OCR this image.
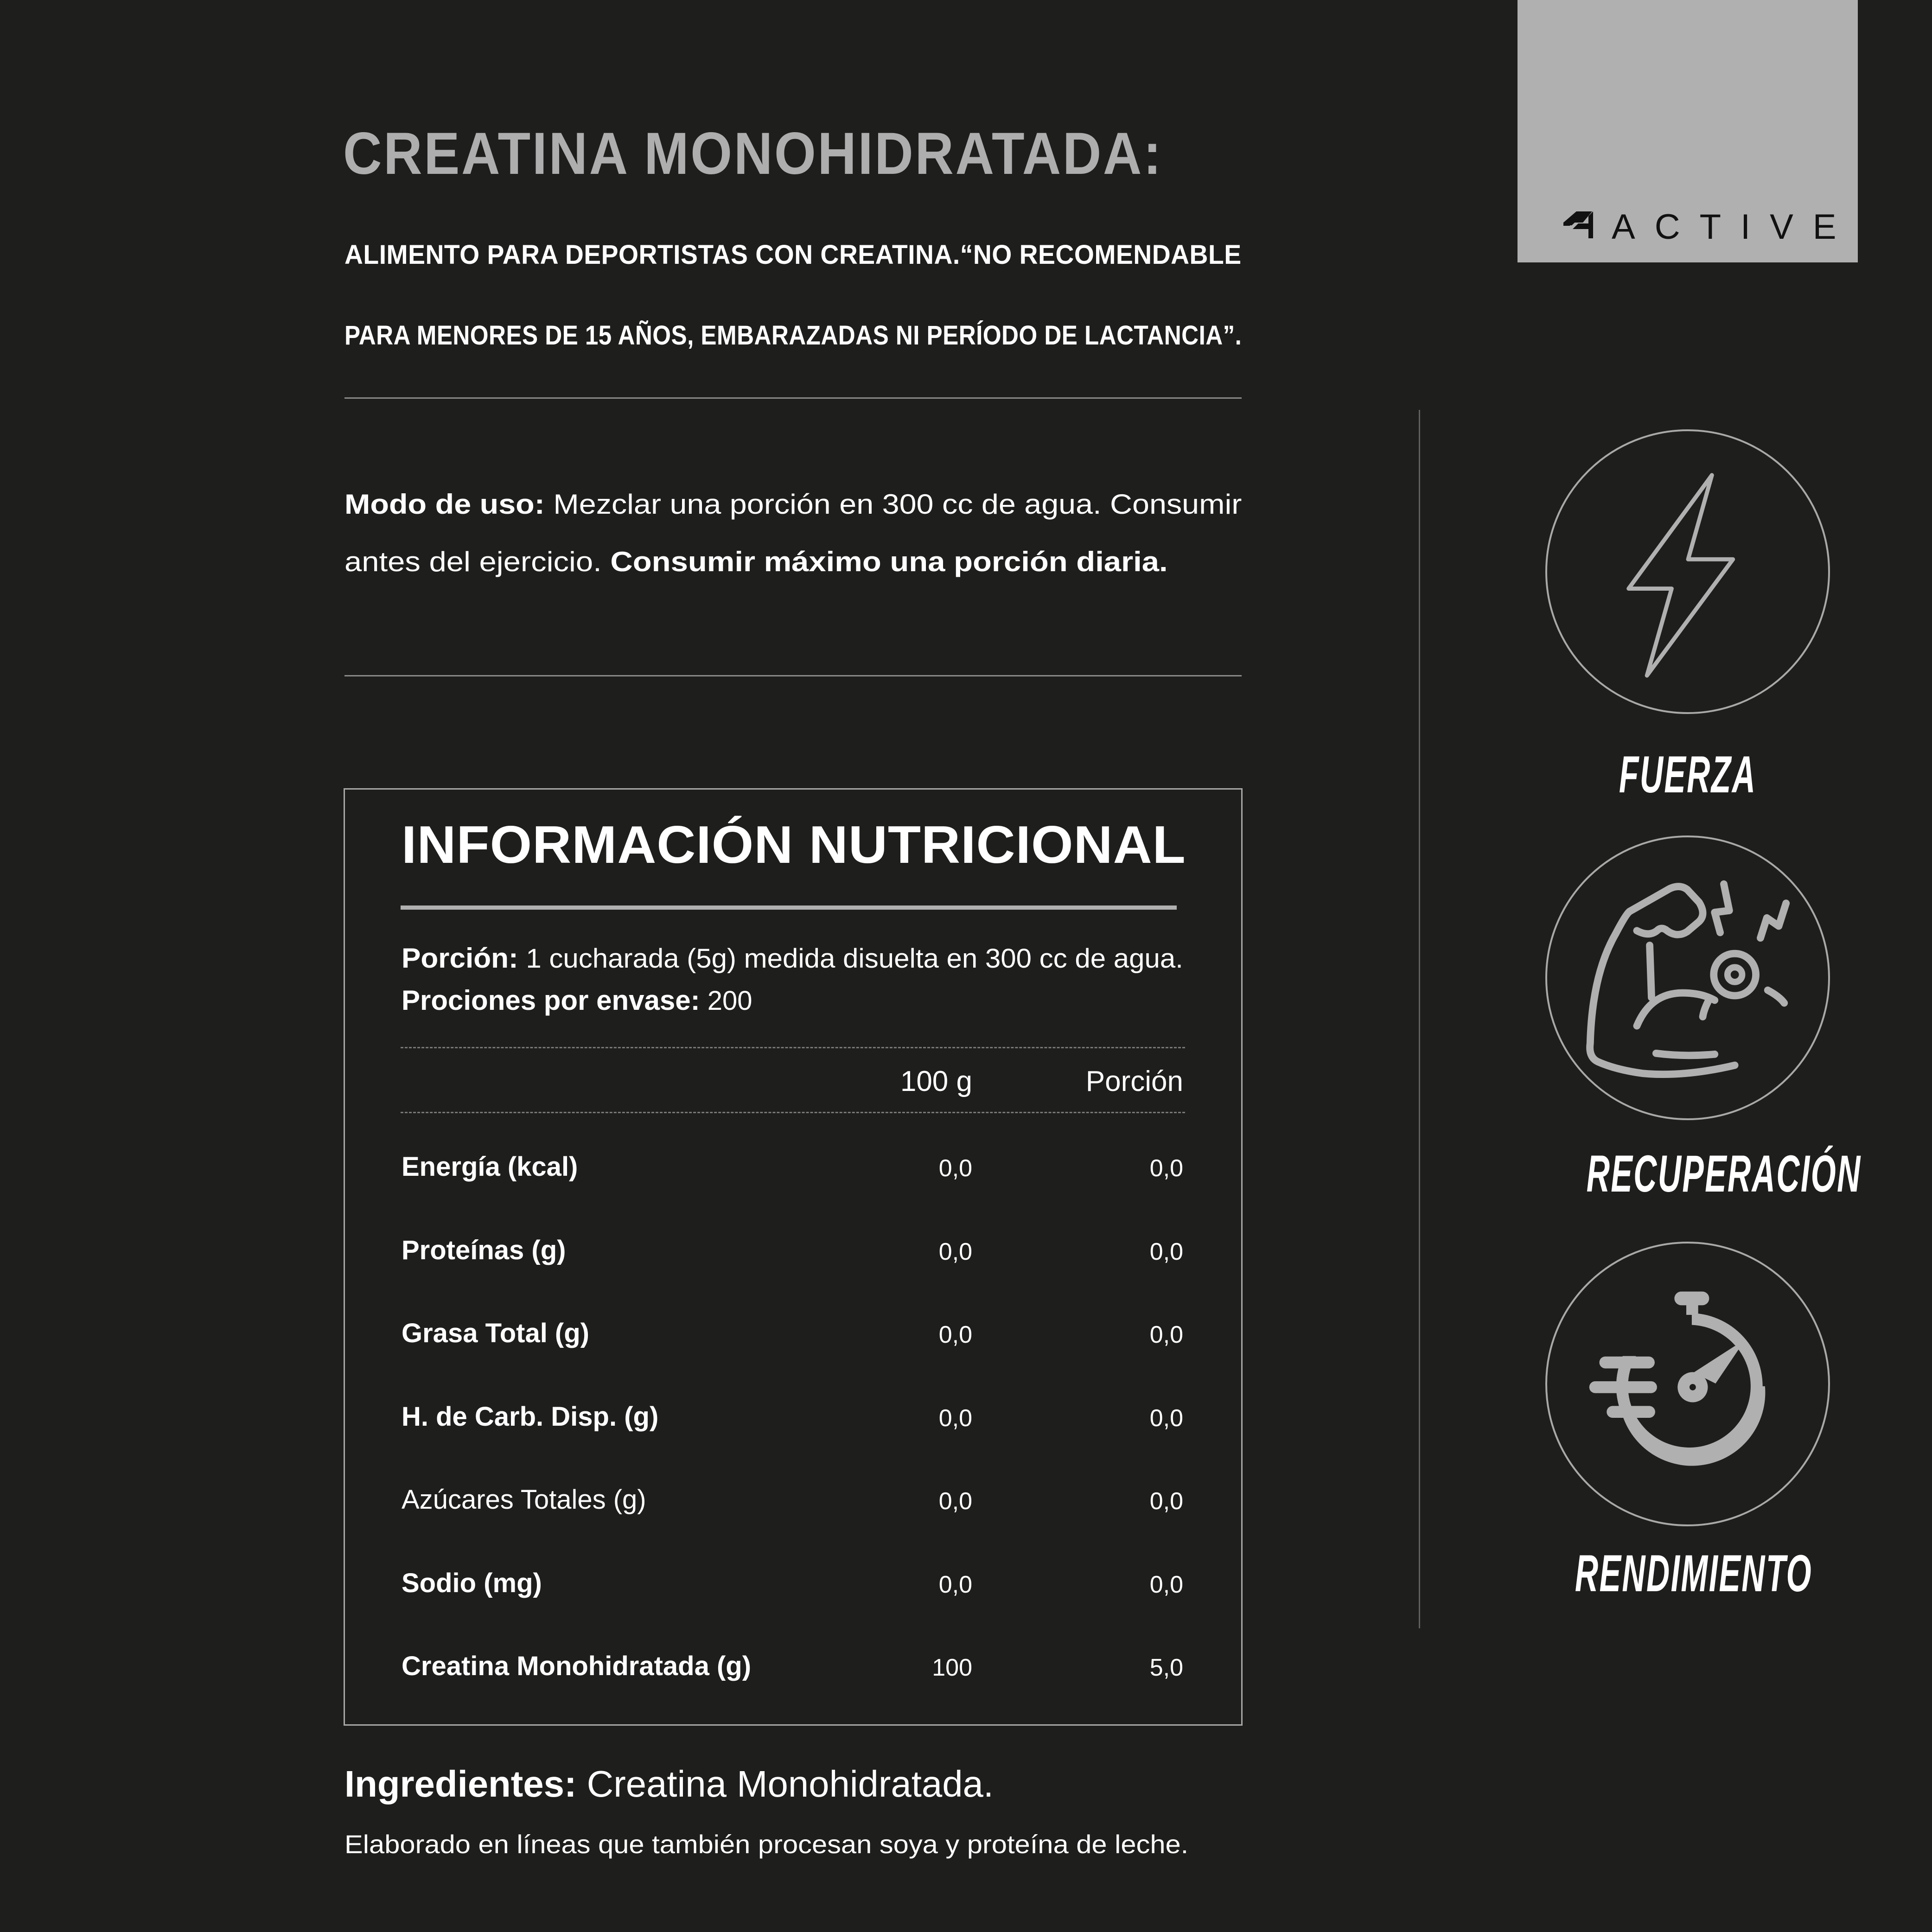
CREATINA MONOHIDRATADA:
ALIMENTO PARA DEPORTISTAS CON CREATINA.“NO RECOMENDABLE
PARA MENORES DE 15 AÑOS, EMBARAZADAS NI PERÍODO DE LACTANCIA”.
Modo de uso: Mezclar una porción en 300 cc de agua. Consumir
antes del ejercicio. Consumir máximo una porción diaria.
INFORMACIÓN NUTRICIONAL
Porción: 1 cucharada (5g) medida disuelta en 300 cc de agua.
Prociones por envase: 200
100 g	Porción
Energía (kcal)	0,0	0,0
Proteínas (g)	0,0	0,0
Grasa Total (g)	0,0	0,0
H. de Carb. Disp. (g)	0,0	0,0
Azúcares Totales (g)	0,0	0,0
Sodio (mg)	0,0	0,0
Creatina Monohidratada (g)	100	5,0
Ingredientes: Creatina Monohidratada.
Elaborado en líneas que también procesan soya y proteína de leche.
ACTIVE
FUERZA
RECUPERACIÓN
RENDIMIENTO
